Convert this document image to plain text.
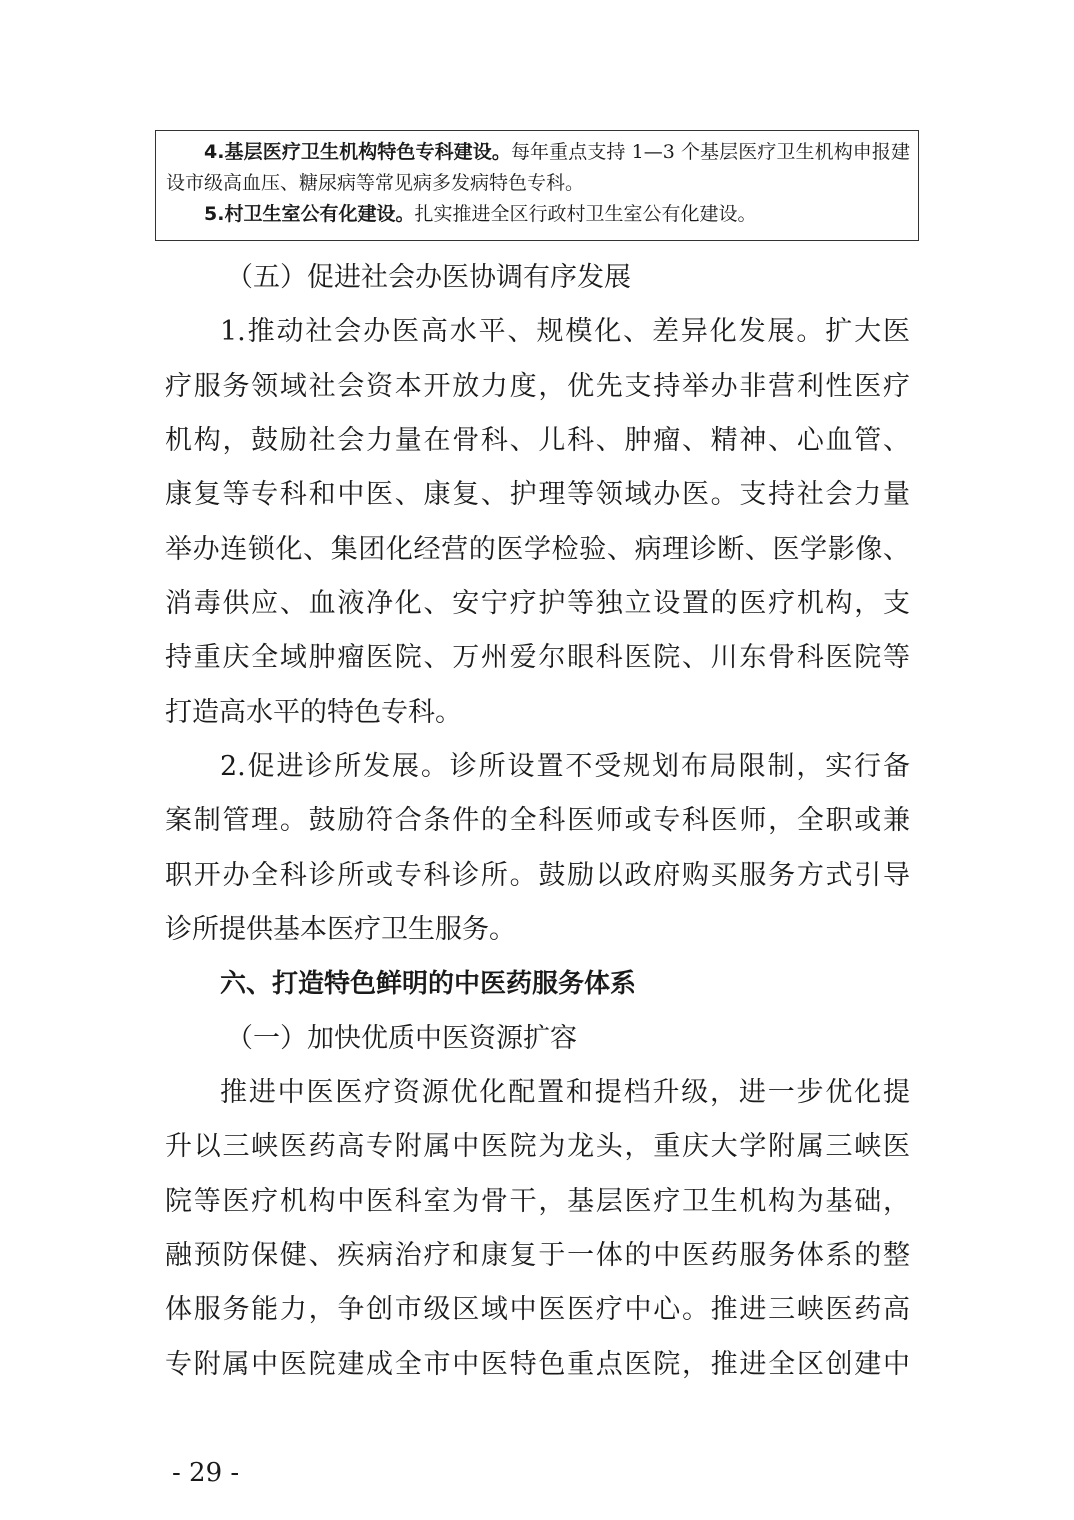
4.基层医疗卫生机构特色专科建设。每年重点支持 1—3 个基层医疗卫生机构申报建设市级高血压、糖尿病等常见病多发病特色专科。

5.村卫生室公有化建设。扎实推进全区行政村卫生室公有化建设。

（五）促进社会办医协调有序发展

1.推动社会办医高水平、规模化、差异化发展。扩大医

疗服务领域社会资本开放力度，优先支持举办非营利性医疗

机构，鼓励社会力量在骨科、儿科、肿瘤、精神、心血管、

康复等专科和中医、康复、护理等领域办医。支持社会力量

举办连锁化、集团化经营的医学检验、病理诊断、医学影像、

消毒供应、血液净化、安宁疗护等独立设置的医疗机构，支

持重庆全域肿瘤医院、万州爱尔眼科医院、川东骨科医院等

打造高水平的特色专科。

2.促进诊所发展。诊所设置不受规划布局限制，实行备

案制管理。鼓励符合条件的全科医师或专科医师，全职或兼

职开办全科诊所或专科诊所。鼓励以政府购买服务方式引导

诊所提供基本医疗卫生服务。

六、打造特色鲜明的中医药服务体系

（一）加快优质中医资源扩容

推进中医医疗资源优化配置和提档升级，进一步优化提

升以三峡医药高专附属中医院为龙头，重庆大学附属三峡医

院等医疗机构中医科室为骨干，基层医疗卫生机构为基础，

融预防保健、疾病治疗和康复于一体的中医药服务体系的整

体服务能力，争创市级区域中医医疗中心。推进三峡医药高

专附属中医院建成全市中医特色重点医院，推进全区创建中

- 29 -
